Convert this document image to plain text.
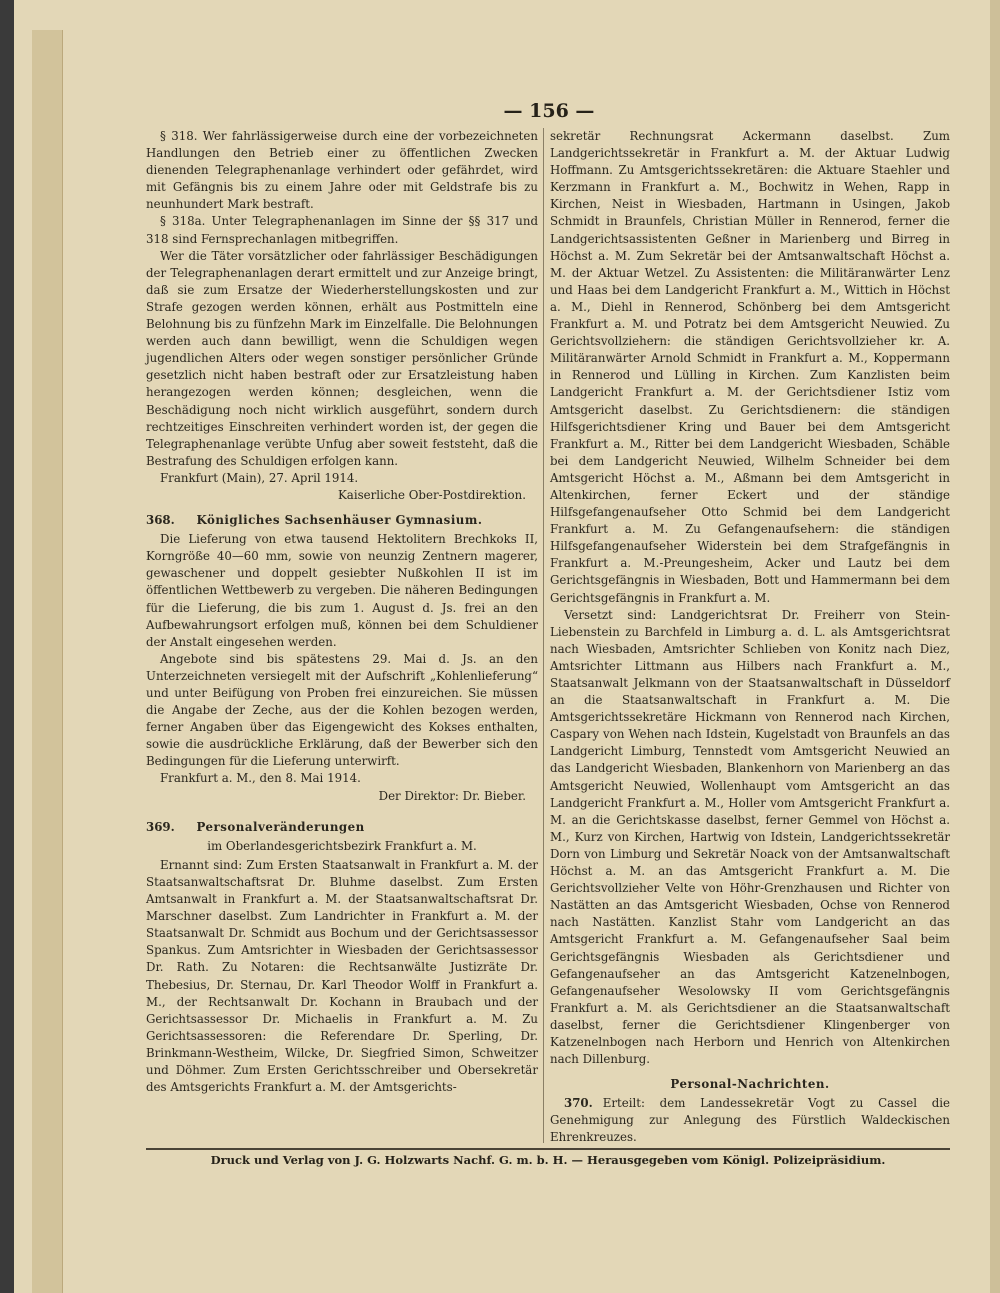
— 156 —

§ 318. Wer fahrlässigerweise durch eine der vorbezeichneten Handlungen den Betrieb einer zu öffentlichen Zwecken dienenden Telegraphenanlage verhindert oder gefährdet, wird mit Gefängnis bis zu einem Jahre oder mit Geldstrafe bis zu neunhundert Mark bestraft.

§ 318a. Unter Telegraphenanlagen im Sinne der §§ 317 und 318 sind Fernsprechanlagen mitbegriffen.

Wer die Täter vorsätzlicher oder fahrlässiger Beschädigungen der Telegraphenanlagen derart ermittelt und zur Anzeige bringt, daß sie zum Ersatze der Wiederherstellungskosten und zur Strafe gezogen werden können, erhält aus Postmitteln eine Belohnung bis zu fünfzehn Mark im Einzelfalle. Die Belohnungen werden auch dann bewilligt, wenn die Schuldigen wegen jugendlichen Alters oder wegen sonstiger persönlicher Gründe gesetzlich nicht haben bestraft oder zur Ersatzleistung haben herangezogen werden können; desgleichen, wenn die Beschädigung noch nicht wirklich ausgeführt, sondern durch rechtzeitiges Einschreiten verhindert worden ist, der gegen die Telegraphenanlage verübte Unfug aber soweit feststeht, daß die Bestrafung des Schuldigen erfolgen kann.

Frankfurt (Main), 27. April 1914.

Kaiserliche Ober-Postdirektion.

368. Königliches Sachsenhäuser Gymnasium.

Die Lieferung von etwa tausend Hektolitern Brechkoks II, Korngröße 40—60 mm, sowie von neunzig Zentnern magerer, gewaschener und doppelt gesiebter Nußkohlen II ist im öffentlichen Wettbewerb zu vergeben. Die näheren Bedingungen für die Lieferung, die bis zum 1. August d. Js. frei an den Aufbewahrungsort erfolgen muß, können bei dem Schuldiener der Anstalt eingesehen werden.

Angebote sind bis spätestens 29. Mai d. Js. an den Unterzeichneten versiegelt mit der Aufschrift „Kohlenlieferung“ und unter Beifügung von Proben frei einzureichen. Sie müssen die Angabe der Zeche, aus der die Kohlen bezogen werden, ferner Angaben über das Eigengewicht des Kokses enthalten, sowie die ausdrückliche Erklärung, daß der Bewerber sich den Bedingungen für die Lieferung unterwirft.

Frankfurt a. M., den 8. Mai 1914.

Der Direktor: Dr. Bieber.

369. Personalveränderungen

im Oberlandesgerichtsbezirk Frankfurt a. M.

Ernannt sind: Zum Ersten Staatsanwalt in Frankfurt a. M. der Staatsanwaltschaftsrat Dr. Bluhme daselbst. Zum Ersten Amtsanwalt in Frankfurt a. M. der Staatsanwaltschaftsrat Dr. Marschner daselbst. Zum Landrichter in Frankfurt a. M. der Staatsanwalt Dr. Schmidt aus Bochum und der Gerichtsassessor Spankus. Zum Amtsrichter in Wiesbaden der Gerichtsassessor Dr. Rath. Zu Notaren: die Rechtsanwälte Justizräte Dr. Thebesius, Dr. Sternau, Dr. Karl Theodor Wolff in Frankfurt a. M., der Rechtsanwalt Dr. Kochann in Braubach und der Gerichtsassessor Dr. Michaelis in Frankfurt a. M. Zu Gerichtsassessoren: die Referendare Dr. Sperling, Dr. Brinkmann-Westheim, Wilcke, Dr. Siegfried Simon, Schweitzer und Döhmer. Zum Ersten Gerichtsschreiber und Obersekretär des Amtsgerichts Frankfurt a. M. der Amtsgerichts-

sekretär Rechnungsrat Ackermann daselbst. Zum Landgerichtssekretär in Frankfurt a. M. der Aktuar Ludwig Hoffmann. Zu Amtsgerichtssekretären: die Aktuare Staehler und Kerzmann in Frankfurt a. M., Bochwitz in Wehen, Rapp in Kirchen, Neist in Wiesbaden, Hartmann in Usingen, Jakob Schmidt in Braunfels, Christian Müller in Rennerod, ferner die Landgerichtsassistenten Geßner in Marienberg und Birreg in Höchst a. M. Zum Sekretär bei der Amtsanwaltschaft Höchst a. M. der Aktuar Wetzel. Zu Assistenten: die Militäranwärter Lenz und Haas bei dem Landgericht Frankfurt a. M., Wittich in Höchst a. M., Diehl in Rennerod, Schönberg bei dem Amtsgericht Frankfurt a. M. und Potratz bei dem Amtsgericht Neuwied. Zu Gerichtsvollziehern: die ständigen Gerichtsvollzieher kr. A. Militäranwärter Arnold Schmidt in Frankfurt a. M., Koppermann in Rennerod und Lülling in Kirchen. Zum Kanzlisten beim Landgericht Frankfurt a. M. der Gerichtsdiener Istiz vom Amtsgericht daselbst. Zu Gerichtsdienern: die ständigen Hilfsgerichtsdiener Kring und Bauer bei dem Amtsgericht Frankfurt a. M., Ritter bei dem Landgericht Wiesbaden, Schäble bei dem Landgericht Neuwied, Wilhelm Schneider bei dem Amtsgericht Höchst a. M., Aßmann bei dem Amtsgericht in Altenkirchen, ferner Eckert und der ständige Hilfsgefangenaufseher Otto Schmid bei dem Landgericht Frankfurt a. M. Zu Gefangenaufsehern: die ständigen Hilfsgefangenaufseher Widerstein bei dem Strafgefängnis in Frankfurt a. M.-Preungesheim, Acker und Lautz bei dem Gerichtsgefängnis in Wiesbaden, Bott und Hammermann bei dem Gerichtsgefängnis in Frankfurt a. M.

Versetzt sind: Landgerichtsrat Dr. Freiherr von Stein-Liebenstein zu Barchfeld in Limburg a. d. L. als Amtsgerichtsrat nach Wiesbaden, Amtsrichter Schlieben von Konitz nach Diez, Amtsrichter Littmann aus Hilbers nach Frankfurt a. M., Staatsanwalt Jelkmann von der Staatsanwaltschaft in Düsseldorf an die Staatsanwaltschaft in Frankfurt a. M. Die Amtsgerichtssekretäre Hickmann von Rennerod nach Kirchen, Caspary von Wehen nach Idstein, Kugelstadt von Braunfels an das Landgericht Limburg, Tennstedt vom Amtsgericht Neuwied an das Landgericht Wiesbaden, Blankenhorn von Marienberg an das Amtsgericht Neuwied, Wollenhaupt vom Amtsgericht an das Landgericht Frankfurt a. M., Holler vom Amtsgericht Frankfurt a. M. an die Gerichtskasse daselbst, ferner Gemmel von Höchst a. M., Kurz von Kirchen, Hartwig von Idstein, Landgerichtssekretär Dorn von Limburg und Sekretär Noack von der Amtsanwaltschaft Höchst a. M. an das Amtsgericht Frankfurt a. M. Die Gerichtsvollzieher Velte von Höhr-Grenzhausen und Richter von Nastätten an das Amtsgericht Wiesbaden, Ochse von Rennerod nach Nastätten. Kanzlist Stahr vom Landgericht an das Amtsgericht Frankfurt a. M. Gefangenaufseher Saal beim Gerichtsgefängnis Wiesbaden als Gerichtsdiener und Gefangenaufseher an das Amtsgericht Katzenelnbogen, Gefangenaufseher Wesolowsky II vom Gerichtsgefängnis Frankfurt a. M. als Gerichtsdiener an die Staatsanwaltschaft daselbst, ferner die Gerichtsdiener Klingenberger von Katzenelnbogen nach Herborn und Henrich von Altenkirchen nach Dillenburg.

Personal-Nachrichten.

370. Erteilt: dem Landessekretär Vogt zu Cassel die Genehmigung zur Anlegung des Fürstlich Waldeckischen Ehrenkreuzes.

Druck und Verlag von J. G. Holzwarts Nachf. G. m. b. H. — Herausgegeben vom Königl. Polizeipräsidium.
